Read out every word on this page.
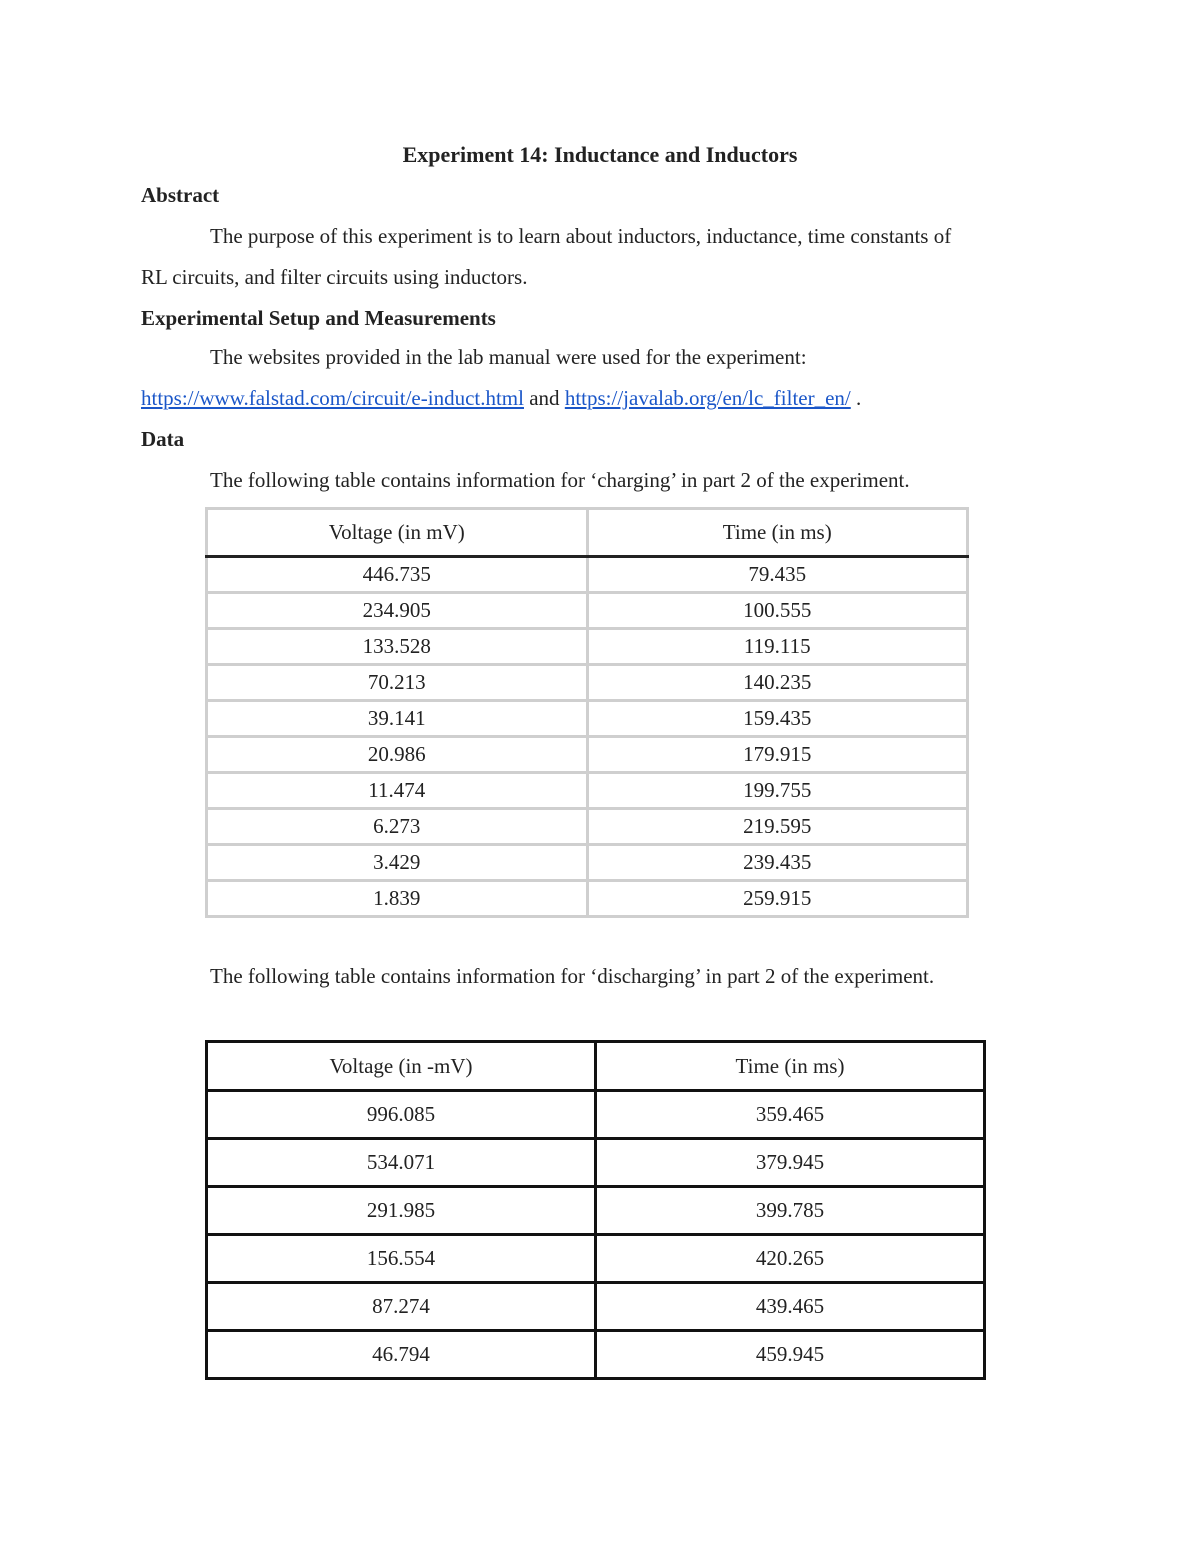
Experiment 14: Inductance and Inductors

Abstract

The purpose of this experiment is to learn about inductors, inductance, time constants of

RL circuits, and filter circuits using inductors.

Experimental Setup and Measurements

The websites provided in the lab manual were used for the experiment:

https://www.falstad.com/circuit/e-induct.html and https://javalab.org/en/lc_filter_en/ .

Data

The following table contains information for ‘charging’ in part 2 of the experiment.

Voltage (in mV)	Time (in ms)
446.735	79.435
234.905	100.555
133.528	119.115
70.213	140.235
39.141	159.435
20.986	179.915
11.474	199.755
6.273	219.595
3.429	239.435
1.839	259.915

The following table contains information for ‘discharging’ in part 2 of the experiment.

Voltage (in -mV)	Time (in ms)
996.085	359.465
534.071	379.945
291.985	399.785
156.554	420.265
87.274	439.465
46.794	459.945
